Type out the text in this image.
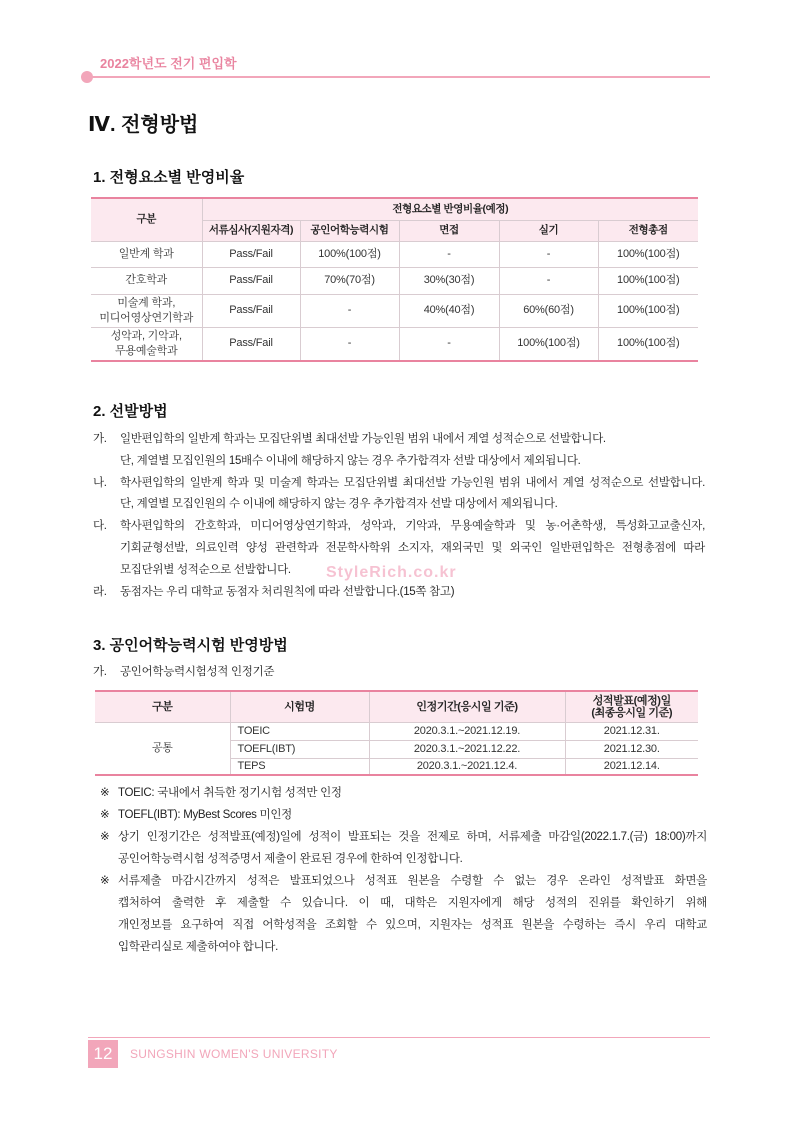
2022학년도 전기 편입학
Ⅳ. 전형방법
1. 전형요소별 반영비율
구분	전형요소별 반영비율(예정)				
	서류심사(지원자격)	공인어학능력시험	면접	실기	전형총점
일반계 학과	Pass/Fail	100%(100점)	-	-	100%(100점)
간호학과	Pass/Fail	70%(70점)	30%(30점)	-	100%(100점)

미술계 학과,
미디어영상연기학과	Pass/Fail	-	40%(40점)	60%(60점)	100%(100점)

성악과, 기악과,
무용예술학과	Pass/Fail	-	-	100%(100점)	100%(100점)
2. 선발방법
가. 일반편입학의 일반계 학과는 모집단위별 최대선발 가능인원 범위 내에서 계열 성적순으로 선발합니다.
단, 계열별 모집인원의 15배수 이내에 해당하지 않는 경우 추가합격자 선발 대상에서 제외됩니다.
나. 학사편입학의 일반계 학과 및 미술계 학과는 모집단위별 최대선발 가능인원 범위 내에서 계열 성적순으로 선발합니다.
단, 계열별 모집인원의 수 이내에 해당하지 않는 경우 추가합격자 선발 대상에서 제외됩니다.
다. 학사편입학의 간호학과, 미디어영상연기학과, 성악과, 기악과, 무용예술학과 및 농·어촌학생, 특성화고교출신자,
기회균형선발, 의료인력 양성 관련학과 전문학사학위 소지자, 재외국민 및 외국인 일반편입학은 전형총점에 따라
모집단위별 성적순으로 선발합니다.
라. 동점자는 우리 대학교 동점자 처리원칙에 따라 선발합니다.(15쪽 참고)
StyleRich.co.kr
3. 공인어학능력시험 반영방법
가. 공인어학능력시험성적 인정기준
구분	시험명	인정기간(응시일 기준)	성적발표(예정)일
(최종응시일 기준)

공통	TOEIC	2020.3.1.~2021.12.19.	2021.12.31.
	TOEFL(IBT)	2020.3.1.~2021.12.22.	2021.12.30.
	TEPS	2020.3.1.~2021.12.4.	2021.12.14.
※ TOEIC: 국내에서 취득한 정기시험 성적만 인정
※ TOEFL(IBT): MyBest Scores 미인정
※ 상기 인정기간은 성적발표(예정)일에 성적이 발표되는 것을 전제로 하며, 서류제출 마감일(2022.1.7.(금) 18:00)까지
공인어학능력시험 성적증명서 제출이 완료된 경우에 한하여 인정합니다.
※ 서류제출 마감시간까지 성적은 발표되었으나 성적표 원본을 수령할 수 없는 경우 온라인 성적발표 화면을
캡처하여 출력한 후 제출할 수 있습니다. 이 때, 대학은 지원자에게 해당 성적의 진위를 확인하기 위해
개인정보를 요구하여 직접 어학성적을 조회할 수 있으며, 지원자는 성적표 원본을 수령하는 즉시 우리 대학교
입학관리실로 제출하여야 합니다.
12	SUNGSHIN WOMEN'S UNIVERSITY
